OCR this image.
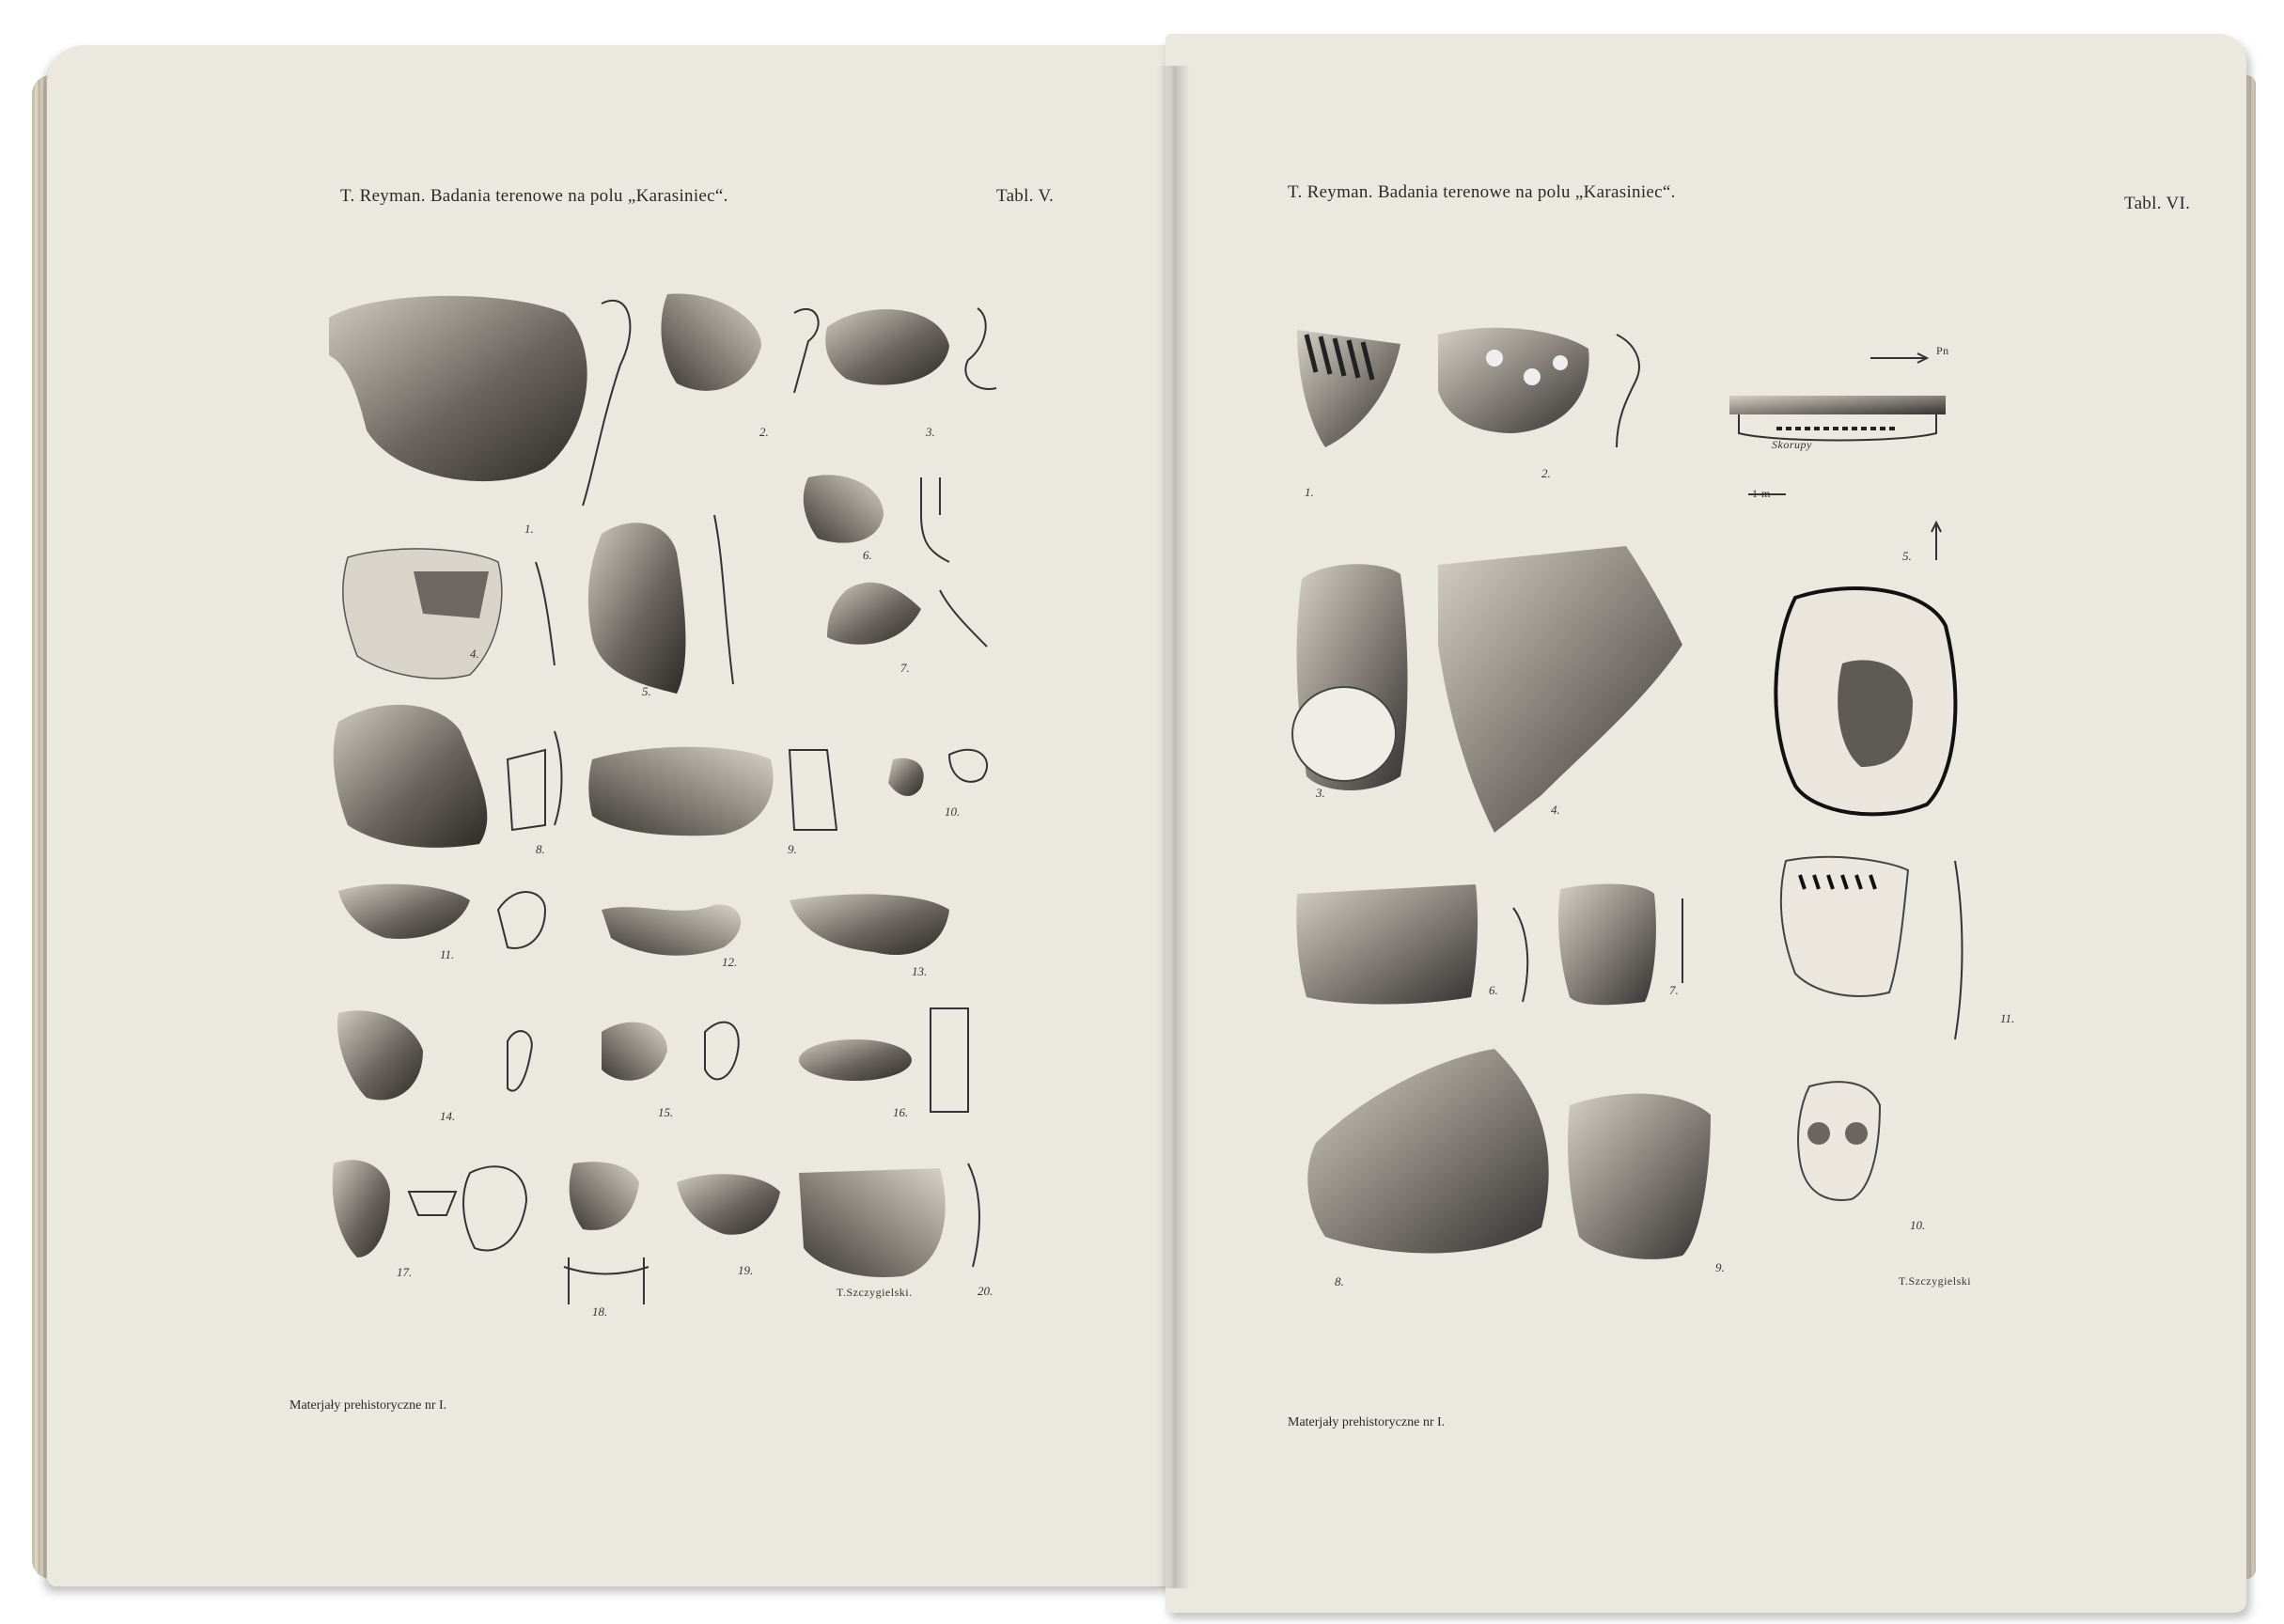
T. Reyman. Badania terenowe na polu „Karasiniec“.	Tabl. V.
1.
2.	3.
4.
5.
6.
7.
8.	9.
10.
11.
12.
13.
14.	15.	16.
17.
18.
19.
20.
T.Szczygielski.
Materjały prehistoryczne nr I.
T. Reyman. Badania terenowe na polu „Karasiniec“.
Tabl. VI.
1.
2.
3.
4.
5.
6.	7.
8.
9.
10.
11.
Skorupy
1 m
Pn
T.Szczygielski
Materjały prehistoryczne nr I.
